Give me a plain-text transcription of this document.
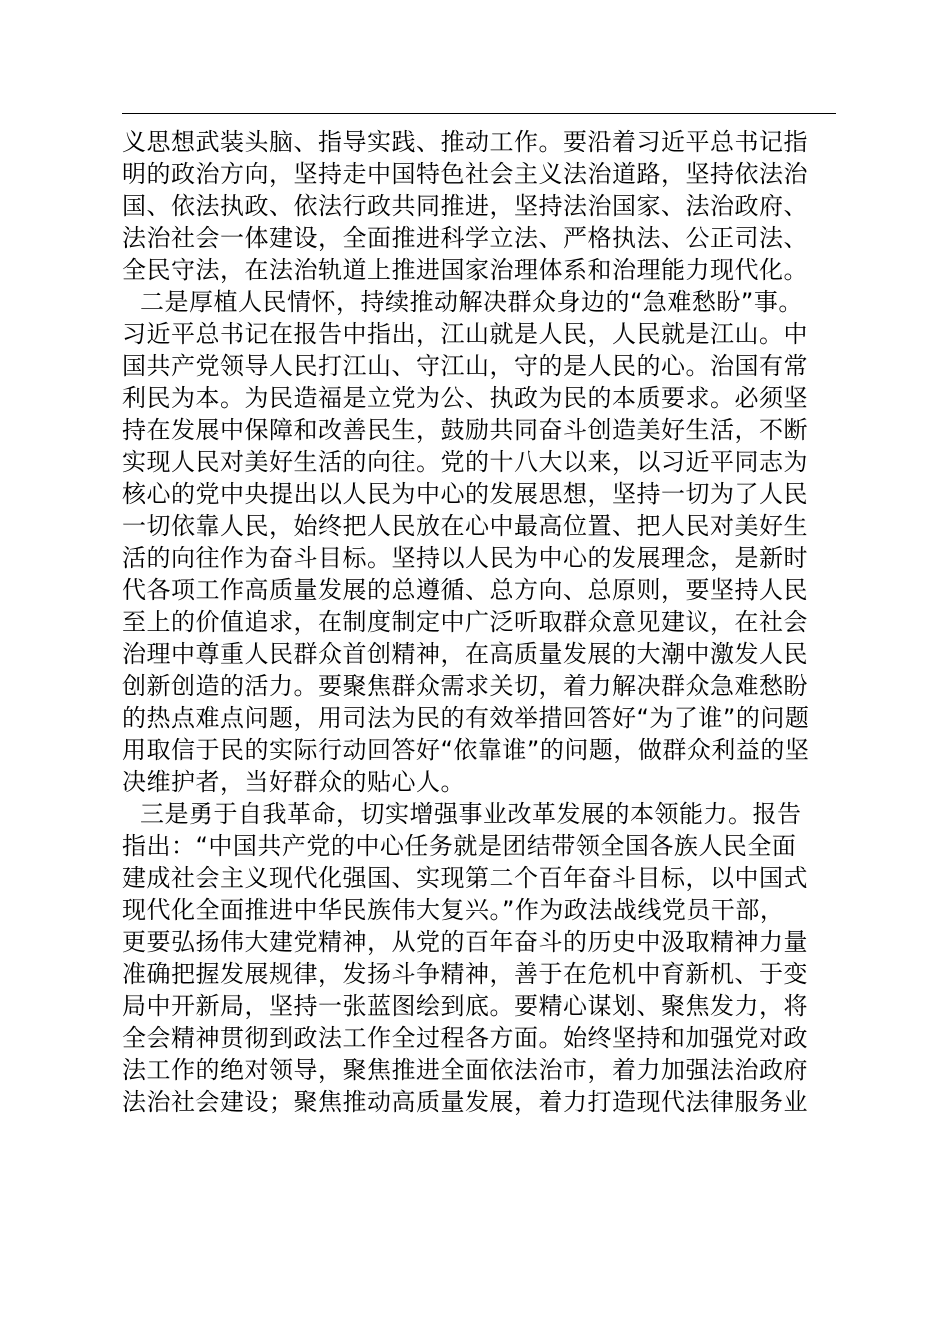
义思想武装头脑、指导实践、推动工作。要沿着习近平总书记指
明的政治方向，坚持走中国特色社会主义法治道路，坚持依法治
国、依法执政、依法行政共同推进，坚持法治国家、法治政府、
法治社会一体建设，全面推进科学立法、严格执法、公正司法、
全民守法，在法治轨道上推进国家治理体系和治理能力现代化。
二是厚植人民情怀，持续推动解决群众身边的“急难愁盼”事。
习近平总书记在报告中指出，江山就是人民，人民就是江山。中
国共产党领导人民打江山、守江山，守的是人民的心。治国有常
利民为本。为民造福是立党为公、执政为民的本质要求。必须坚
持在发展中保障和改善民生，鼓励共同奋斗创造美好生活，不断
实现人民对美好生活的向往。党的十八大以来，以习近平同志为
核心的党中央提出以人民为中心的发展思想，坚持一切为了人民
一切依靠人民，始终把人民放在心中最高位置、把人民对美好生
活的向往作为奋斗目标。坚持以人民为中心的发展理念，是新时
代各项工作高质量发展的总遵循、总方向、总原则，要坚持人民
至上的价值追求，在制度制定中广泛听取群众意见建议，在社会
治理中尊重人民群众首创精神，在高质量发展的大潮中激发人民
创新创造的活力。要聚焦群众需求关切，着力解决群众急难愁盼
的热点难点问题，用司法为民的有效举措回答好“为了谁”的问题
用取信于民的实际行动回答好“依靠谁”的问题，做群众利益的坚
决维护者，当好群众的贴心人。
三是勇于自我革命，切实增强事业改革发展的本领能力。报告
指出：“中国共产党的中心任务就是团结带领全国各族人民全面
建成社会主义现代化强国、实现第二个百年奋斗目标，以中国式
现代化全面推进中华民族伟大复兴。”作为政法战线党员干部，
更要弘扬伟大建党精神，从党的百年奋斗的历史中汲取精神力量
准确把握发展规律，发扬斗争精神，善于在危机中育新机、于变
局中开新局，坚持一张蓝图绘到底。要精心谋划、聚焦发力，将
全会精神贯彻到政法工作全过程各方面。始终坚持和加强党对政
法工作的绝对领导，聚焦推进全面依法治市，着力加强法治政府
法治社会建设；聚焦推动高质量发展，着力打造现代法律服务业
